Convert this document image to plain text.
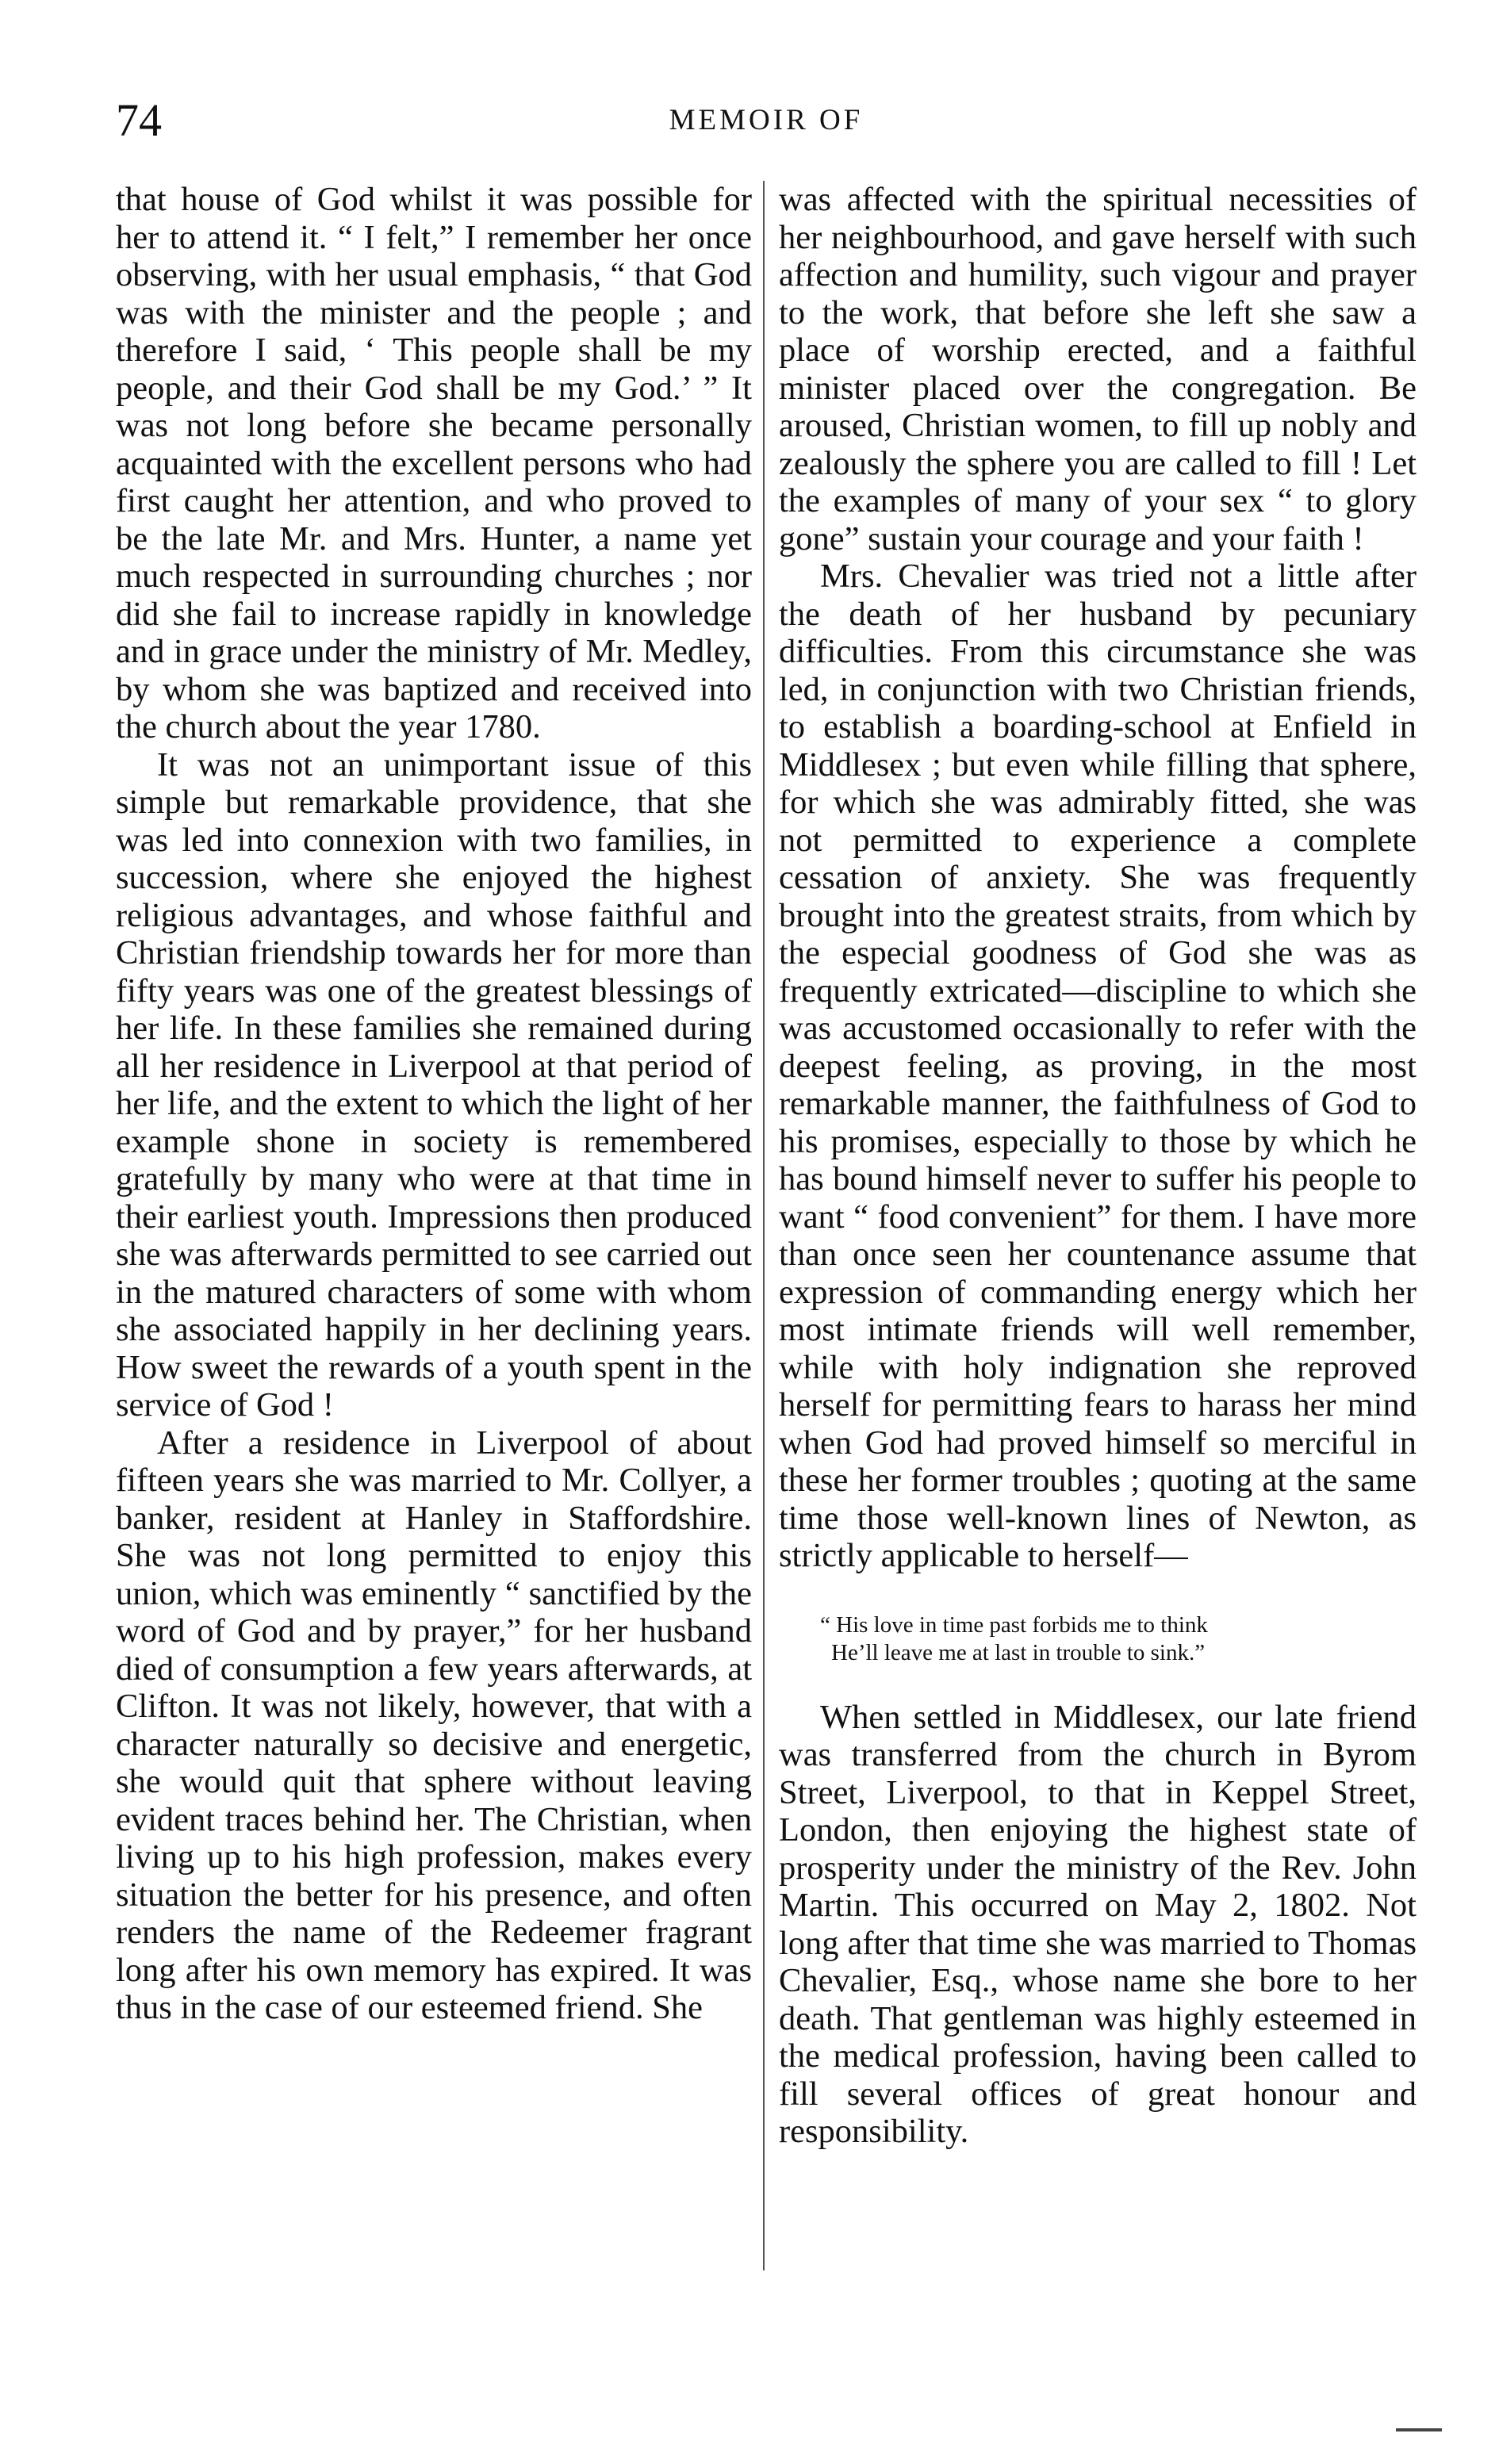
74	MEMOIR OF

that house of God whilst it was possible for her to attend it. “ I felt,” I remember her once observing, with her usual emphasis, “ that God was with the minister and the people ; and therefore I said, ‘ This people shall be my people, and their God shall be my God.’ ” It was not long before she became personally acquainted with the excellent persons who had first caught her attention, and who proved to be the late Mr. and Mrs. Hunter, a name yet much respected in surrounding churches ; nor did she fail to increase rapidly in knowledge and in grace under the ministry of Mr. Medley, by whom she was baptized and received into the church about the year 1780.

It was not an unimportant issue of this simple but remarkable providence, that she was led into connexion with two families, in succession, where she enjoyed the highest religious advantages, and whose faithful and Christian friendship towards her for more than fifty years was one of the greatest blessings of her life. In these families she remained during all her residence in Liverpool at that period of her life, and the extent to which the light of her example shone in society is remembered gratefully by many who were at that time in their earliest youth. Impressions then produced she was afterwards permitted to see carried out in the matured characters of some with whom she associated happily in her declining years. How sweet the rewards of a youth spent in the service of God !

After a residence in Liverpool of about fifteen years she was married to Mr. Collyer, a banker, resident at Hanley in Staffordshire. She was not long permitted to enjoy this union, which was eminently “ sanctified by the word of God and by prayer,” for her husband died of consumption a few years afterwards, at Clifton. It was not likely, however, that with a character naturally so decisive and energetic, she would quit that sphere without leaving evident traces behind her. The Christian, when living up to his high profession, makes every situation the better for his presence, and often renders the name of the Redeemer fragrant long after his own memory has expired. It was thus in the case of our esteemed friend. She

was affected with the spiritual necessities of her neighbourhood, and gave herself with such affection and humility, such vigour and prayer to the work, that before she left she saw a place of worship erected, and a faithful minister placed over the congregation. Be aroused, Christian women, to fill up nobly and zealously the sphere you are called to fill ! Let the examples of many of your sex “ to glory gone” sustain your courage and your faith !

Mrs. Chevalier was tried not a little after the death of her husband by pecuniary difficulties. From this circumstance she was led, in conjunction with two Christian friends, to establish a boarding-school at Enfield in Middlesex ; but even while filling that sphere, for which she was admirably fitted, she was not permitted to experience a complete cessation of anxiety. She was frequently brought into the greatest straits, from which by the especial goodness of God she was as frequently extricated—discipline to which she was accustomed occasionally to refer with the deepest feeling, as proving, in the most remarkable manner, the faithfulness of God to his promises, especially to those by which he has bound himself never to suffer his people to want “ food convenient” for them. I have more than once seen her countenance assume that expression of commanding energy which her most intimate friends will well remember, while with holy indignation she reproved herself for permitting fears to harass her mind when God had proved himself so merciful in these her former troubles ; quoting at the same time those well-known lines of Newton, as strictly applicable to herself—

“ His love in time past forbids me to think
He’ll leave me at last in trouble to sink.”

When settled in Middlesex, our late friend was transferred from the church in Byrom Street, Liverpool, to that in Keppel Street, London, then enjoying the highest state of prosperity under the ministry of the Rev. John Martin. This occurred on May 2, 1802. Not long after that time she was married to Thomas Chevalier, Esq., whose name she bore to her death. That gentleman was highly esteemed in the medical profession, having been called to fill several offices of great honour and responsibility.
